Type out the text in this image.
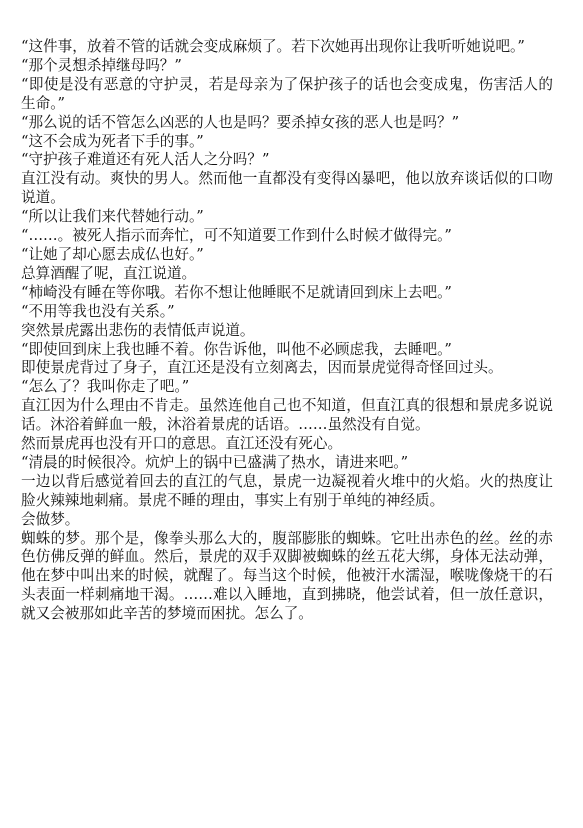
“这件事，放着不管的话就会变成麻烦了。若下次她再出现你让我听听她说吧。”

“那个灵想杀掉继母吗？”

“即使是没有恶意的守护灵，若是母亲为了保护孩子的话也会变成鬼，伤害活人的生命。”

“那么说的话不管怎么凶恶的人也是吗？要杀掉女孩的恶人也是吗？”

“这不会成为死者下手的事。”

“守护孩子难道还有死人活人之分吗？”

直江没有动。爽快的男人。然而他一直都没有变得凶暴吧，他以放弃谈话似的口吻说道。

“所以让我们来代替她行动。”

“……。被死人指示而奔忙，可不知道要工作到什么时候才做得完。”

“让她了却心愿去成仏也好。”

总算酒醒了呢，直江说道。

“柿崎没有睡在等你哦。若你不想让他睡眠不足就请回到床上去吧。”

“不用等我也没有关系。”

突然景虎露出悲伤的表情低声说道。

“即使回到床上我也睡不着。你告诉他，叫他不必顾虑我，去睡吧。”

即使景虎背过了身子，直江还是没有立刻离去，因而景虎觉得奇怪回过头。

“怎么了？我叫你走了吧。”

直江因为什么理由不肯走。虽然连他自己也不知道，但直江真的很想和景虎多说说话。沐浴着鲜血一般，沐浴着景虎的话语。……虽然没有自觉。

然而景虎再也没有开口的意思。直江还没有死心。

“清晨的时候很冷。炕炉上的锅中已盛满了热水，请进来吧。”

一边以背后感觉着回去的直江的气息，景虎一边凝视着火堆中的火焰。火的热度让脸火辣辣地刺痛。景虎不睡的理由，事实上有别于单纯的神经质。

会做梦。

蜘蛛的梦。那个是，像拳头那么大的，腹部膨胀的蜘蛛。它吐出赤色的丝。丝的赤色仿佛反弹的鲜血。然后，景虎的双手双脚被蜘蛛的丝五花大绑，身体无法动弹，他在梦中叫出来的时候，就醒了。每当这个时候，他被汗水濡湿，喉咙像烧干的石头表面一样刺痛地干渴。……难以入睡地，直到拂晓，他尝试着，但一放任意识，就又会被那如此辛苦的梦境而困扰。怎么了。
